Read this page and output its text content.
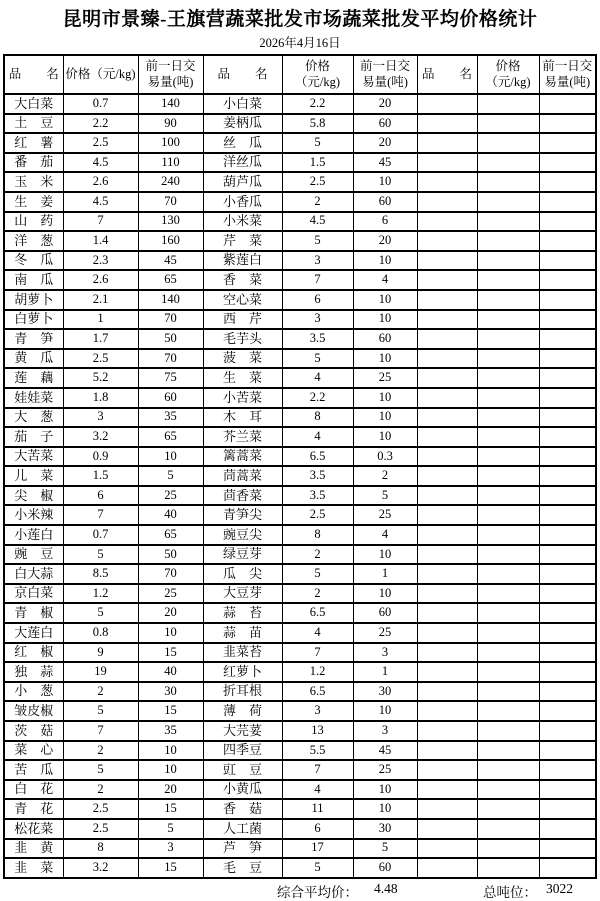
昆明市景臻-王旗营蔬菜批发市场蔬菜批发平均价格统计
2026年4月16日
品　　名	价格（元/kg)	前一日交易量(吨)	品　　名	价格（元/kg)	前一日交易量(吨)	品　　名	价格（元/kg)	前一日交易量(吨)
大白菜	0.7	140	小白菜	2.2	20			
土　豆	2.2	90	姜柄瓜	5.8	60			
红　薯	2.5	100	丝　瓜	5	20			
番　茄	4.5	110	洋丝瓜	1.5	45			
玉　米	2.6	240	葫芦瓜	2.5	10			
生　姜	4.5	70	小香瓜	2	60			
山　药	7	130	小米菜	4.5	6			
洋　葱	1.4	160	芹　菜	5	20			
冬　瓜	2.3	45	紫莲白	3	10			
南　瓜	2.6	65	香　菜	7	4			
胡萝卜	2.1	140	空心菜	6	10			
白萝卜	1	70	西　芹	3	10			
青　笋	1.7	50	毛芋头	3.5	60			
黄　瓜	2.5	70	菠　菜	5	10			
莲　藕	5.2	75	生　菜	4	25			
娃娃菜	1.8	60	小苦菜	2.2	10			
大　葱	3	35	木　耳	8	10			
茄　子	3.2	65	芥兰菜	4	10			
大苦菜	0.9	10	篱蒿菜	6.5	0.3			
儿　菜	1.5	5	茼蒿菜	3.5	2			
尖　椒	6	25	茴香菜	3.5	5			
小米辣	7	40	青笋尖	2.5	25			
小莲白	0.7	65	豌豆尖	8	4			
豌　豆	5	50	绿豆芽	2	10			
白大蒜	8.5	70	瓜　尖	5	1			
京白菜	1.2	25	大豆芽	2	10			
青　椒	5	20	蒜　苔	6.5	60			
大莲白	0.8	10	蒜　苗	4	25			
红　椒	9	15	韭菜苔	7	3			
独　蒜	19	40	红萝卜	1.2	1			
小　葱	2	30	折耳根	6.5	30			
皱皮椒	5	15	薄　荷	3	10			
茨　菇	7	35	大芫荽	13	3			
菜　心	2	10	四季豆	5.5	45			
苦　瓜	5	10	豇　豆	7	25			
白　花	2	20	小黄瓜	4	10			
青　花	2.5	15	香　菇	11	10			
松花菜	2.5	5	人工菌	6	30			
韭　黄	8	3	芦　笋	17	5			
韭　菜	3.2	15	毛　豆	5	60			
综合平均价： 4.48	总吨位： 3022
